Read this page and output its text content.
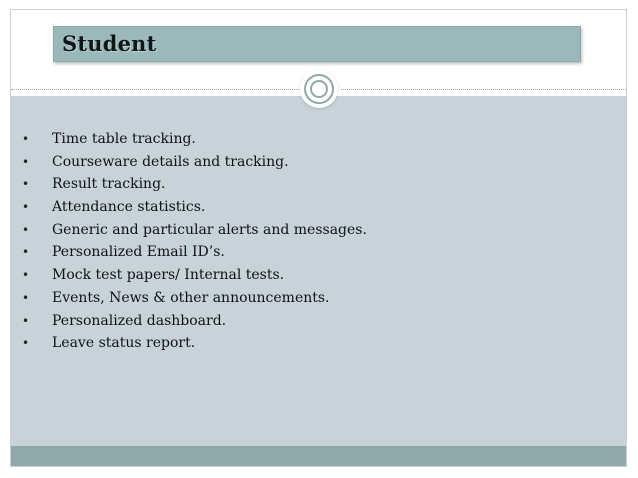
Student
• Time table tracking.
• Courseware details and tracking.
• Result tracking.
• Attendance statistics.
• Generic and particular alerts and messages.
• Personalized Email ID’s.
• Mock test papers/ Internal tests.
• Events, News & other announcements.
• Personalized dashboard.
• Leave status report.
